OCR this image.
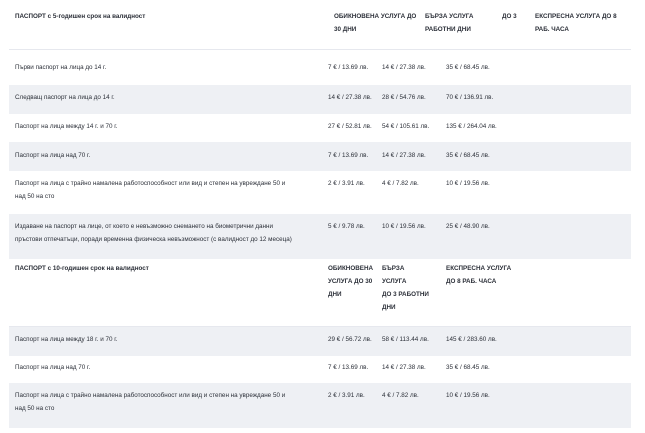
ПАСПОРТ с 5-годишен срок на валидност	ОБИКНОВЕНА УСЛУГА ДО
30 ДНИ
БЪРЗА УСЛУГА	ДО 3
РАБОТНИ ДНИ
ЕКСПРЕСНА УСЛУГА ДО 8
РАБ. ЧАСА
Първи паспорт на лица до 14 г.	7 € / 13.69 лв. 14 € / 27.38 лв.	35 € / 68.45 лв.
Следващ паспорт на лица до 14 г.	14 € / 27.38 лв. 28 € / 54.76 лв.	70 € / 136.91 лв.
Паспорт на лица между 14 г. и 70 г.	27 € / 52.81 лв. 54 € / 105.61 лв.	135 € / 264.04 лв.
Паспорт на лица над 70 г.	7 € / 13.69 лв. 14 € / 27.38 лв.	35 € / 68.45 лв.
Паспорт на лица с трайно намалена работоспособност или вид и степен на увреждане 50 и
над 50 на сто
2 € / 3.91 лв.	4 € / 7.82 лв.	10 € / 19.56 лв.
Издаване на паспорт на лице, от което е невъзможно снемането на биометрични данни
пръстови отпечатъци, поради временна физическа невъзможност (с валидност до 12 месеца)
5 € / 9.78 лв.	10 € / 19.56 лв.	25 € / 48.90 лв.
ПАСПОРТ с 10-годишен срок на валидност	ОБИКНОВЕНА
УСЛУГА ДО 30
ДНИ
БЪРЗА
УСЛУГА
ДО 3 РАБОТНИ
ДНИ
ЕКСПРЕСНА УСЛУГА
ДО 8 РАБ. ЧАСА
Паспорт на лица между 18 г. и 70 г.	29 € / 56.72 лв. 58 € / 113.44 лв.	145 € / 283.60 лв.
Паспорт на лица над 70 г.	7 € / 13.69 лв. 14 € / 27.38 лв.	35 € / 68.45 лв.
Паспорт на лица с трайно намалена работоспособност или вид и степен на увреждане 50 и
над 50 на сто
2 € / 3.91 лв.	4 € / 7.82 лв.	10 € / 19.56 лв.
